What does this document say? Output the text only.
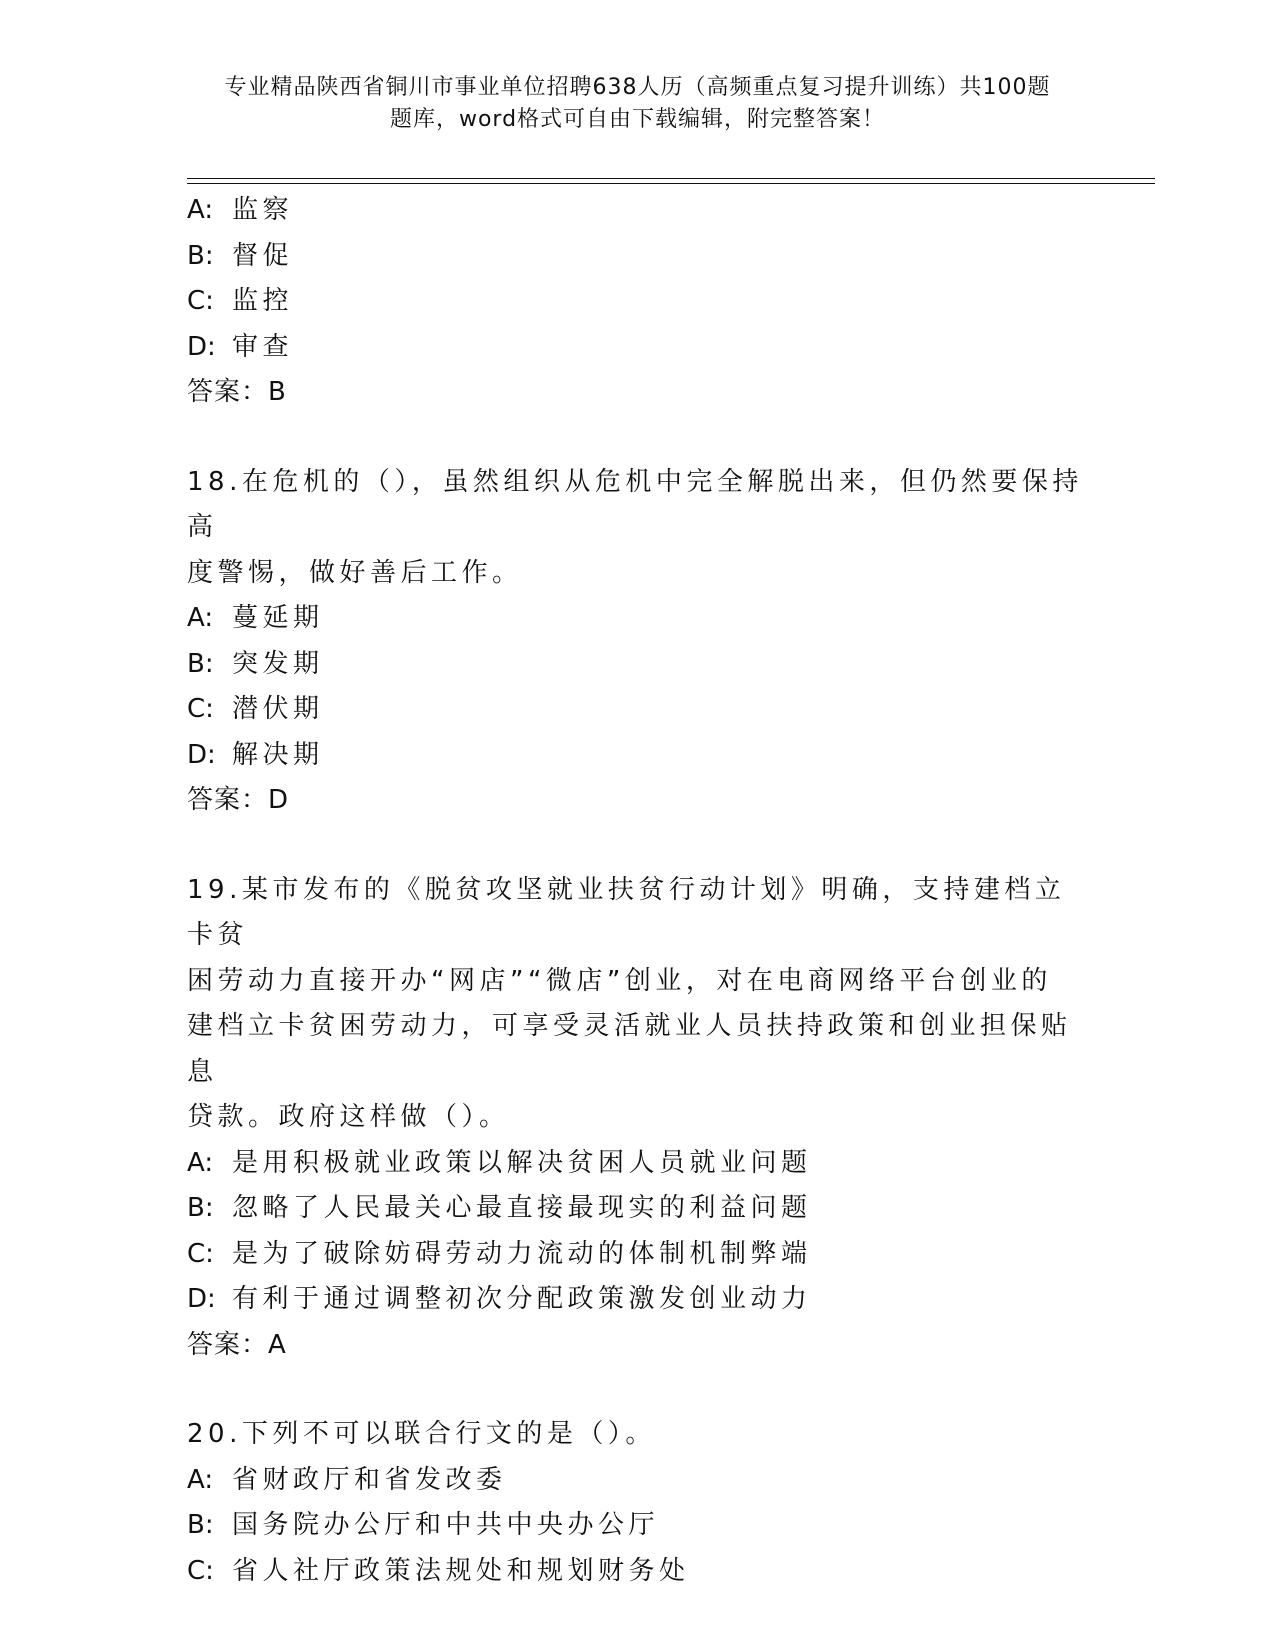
专业精品陕西省铜川市事业单位招聘638人历（高频重点复习提升训练）共100题
题库，word格式可自由下载编辑，附完整答案！
A: 监察
B: 督促
C: 监控
D: 审查
答案：B
18.在危机的（），虽然组织从危机中完全解脱出来，但仍然要保持高
度警惕，做好善后工作。
A: 蔓延期
B: 突发期
C: 潜伏期
D: 解决期
答案：D
19.某市发布的《脱贫攻坚就业扶贫行动计划》明确，支持建档立卡贫
困劳动力直接开办“网店”“微店”创业，对在电商网络平台创业的
建档立卡贫困劳动力，可享受灵活就业人员扶持政策和创业担保贴息
贷款。政府这样做（）。
A: 是用积极就业政策以解决贫困人员就业问题
B: 忽略了人民最关心最直接最现实的利益问题
C: 是为了破除妨碍劳动力流动的体制机制弊端
D: 有利于通过调整初次分配政策激发创业动力
答案：A
20.下列不可以联合行文的是（）。
A: 省财政厅和省发改委
B: 国务院办公厅和中共中央办公厅
C: 省人社厅政策法规处和规划财务处
